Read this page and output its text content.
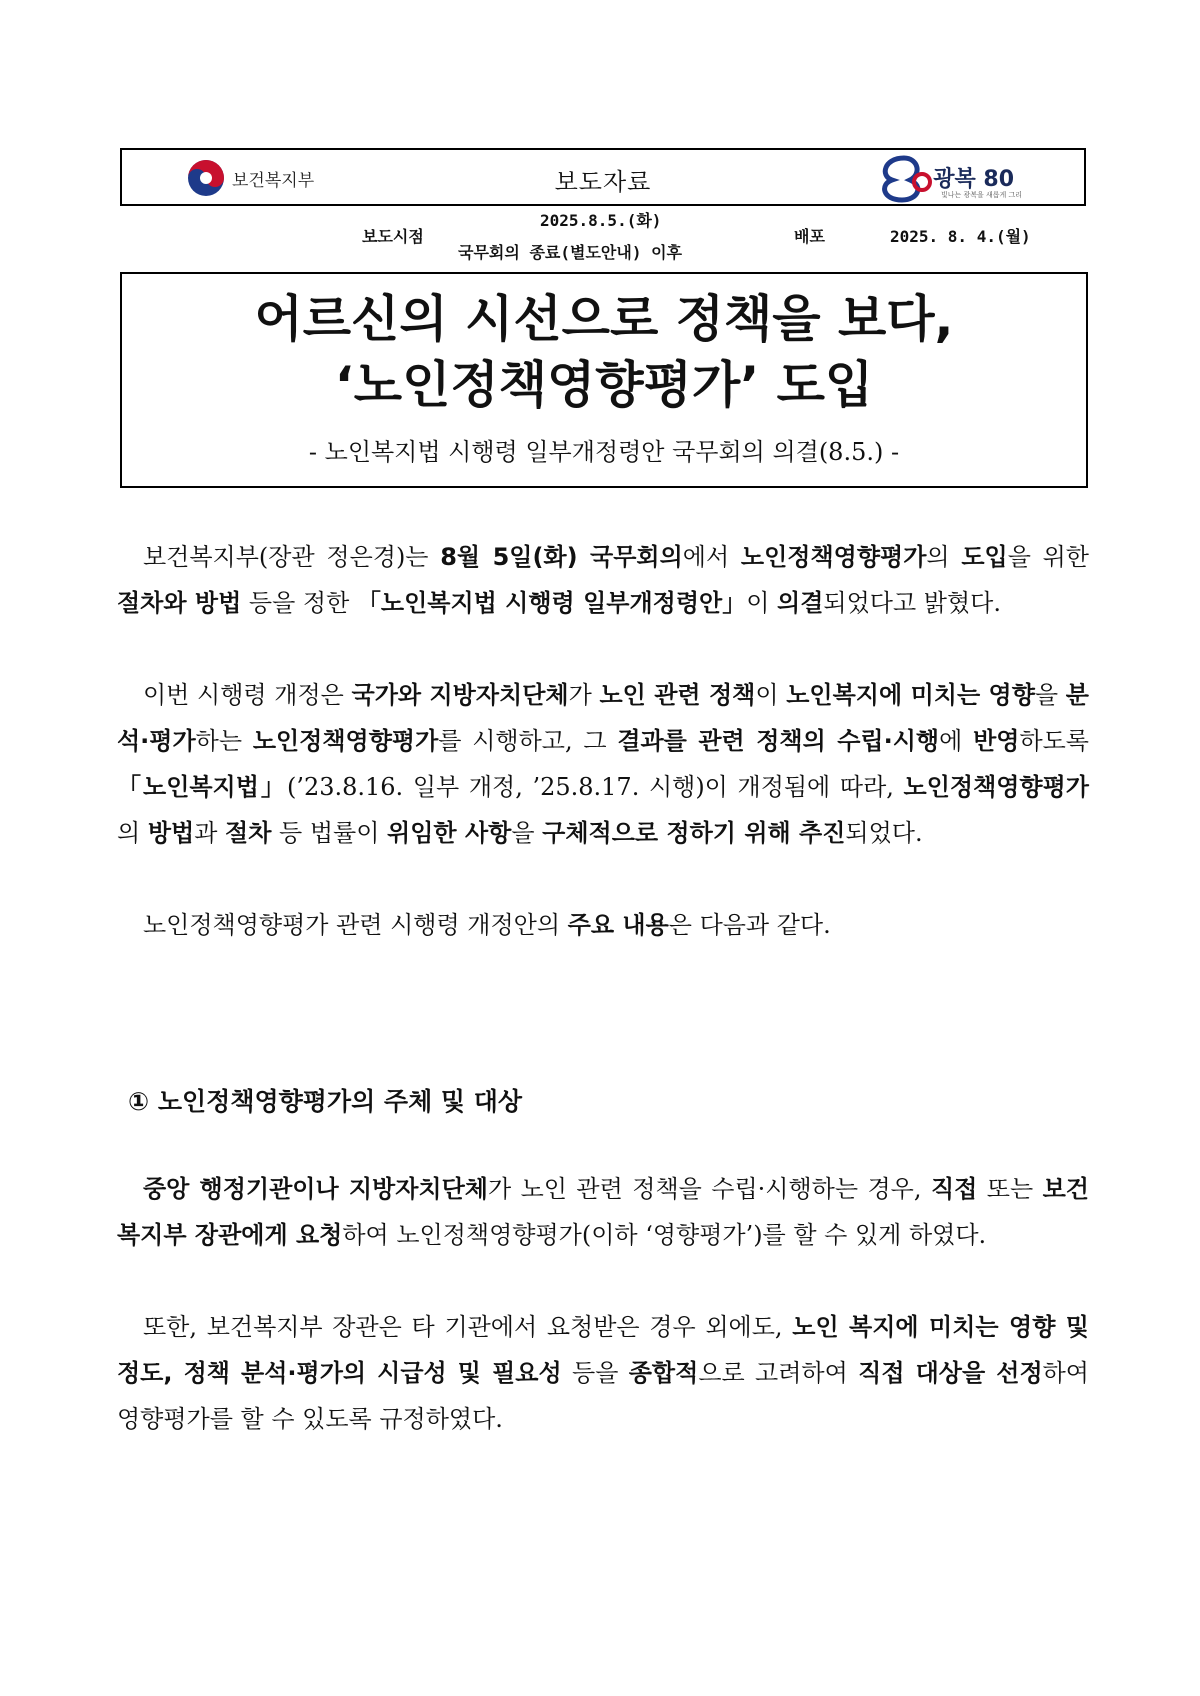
보건복지부	보도자료	광복 80
빛나는 광복을 새롭게 그리
보도시점
2025.8.5.(화)
국무회의 종료(별도안내) 이후
배포	2025. 8. 4.(월)
어르신의 시선으로 정책을 보다,
‘노인정책영향평가’ 도입
- 노인복지법 시행령 일부개정령안 국무회의 의결(8.5.) -

보건복지부(장관 정은경)는 8월 5일(화) 국무회의에서 노인정책영향평가의 도입을 위한 절차와 방법 등을 정한 「노인복지법 시행령 일부개정령안」이 의결되었다고 밝혔다.

이번 시행령 개정은 국가와 지방자치단체가 노인 관련 정책이 노인복지에 미치는 영향을 분석·평가하는 노인정책영향평가를 시행하고, 그 결과를 관련 정책의 수립·시행에 반영하도록 「노인복지법」(’23.8.16. 일부 개정, ’25.8.17. 시행)이 개정됨에 따라, 노인정책영향평가의 방법과 절차 등 법률이 위임한 사항을 구체적으로 정하기 위해 추진되었다.

노인정책영향평가 관련 시행령 개정안의 주요 내용은 다음과 같다.

① 노인정책영향평가의 주체 및 대상

중앙 행정기관이나 지방자치단체가 노인 관련 정책을 수립·시행하는 경우, 직접 또는 보건복지부 장관에게 요청하여 노인정책영향평가(이하 ‘영향평가’)를 할 수 있게 하였다.

또한, 보건복지부 장관은 타 기관에서 요청받은 경우 외에도, 노인 복지에 미치는 영향 및 정도, 정책 분석·평가의 시급성 및 필요성 등을 종합적으로 고려하여 직접 대상을 선정하여 영향평가를 할 수 있도록 규정하였다.
